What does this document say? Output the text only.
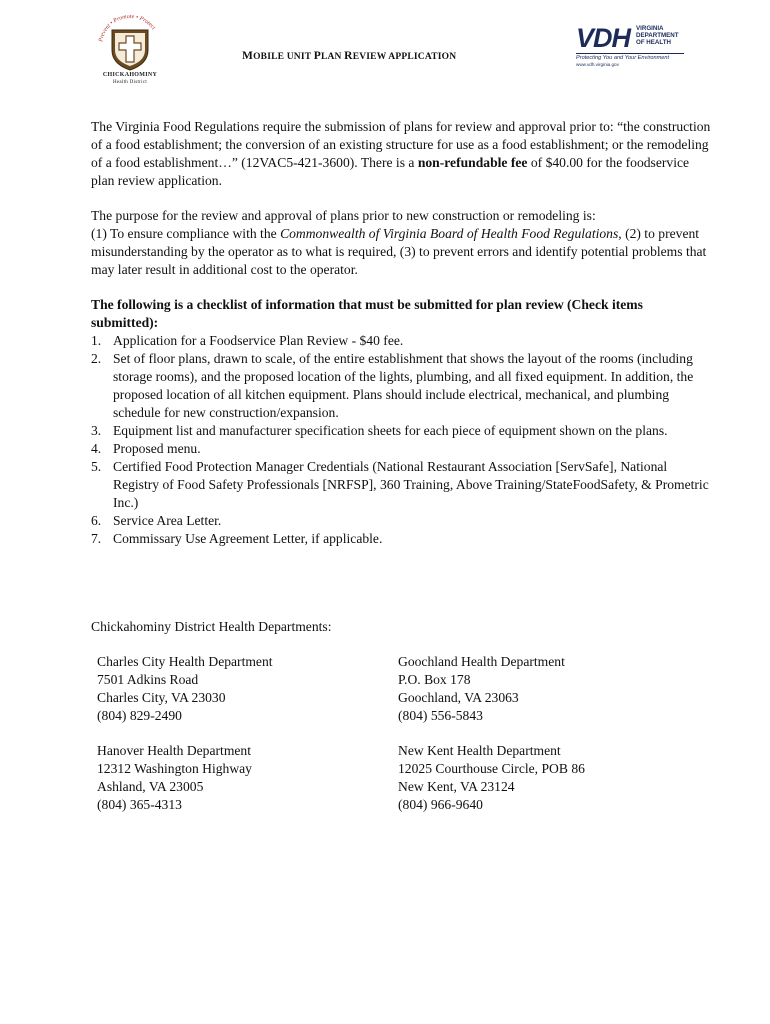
Prevent • Promote • Protect
CHICKAHOMINY
Health District
MOBILE UNIT PLAN REVIEW APPLICATION
VDH VIRGINIA
DEPARTMENT
OF HEALTH
Protecting You and Your Environment
www.vdh.virginia.gov
The Virginia Food Regulations require the submission of plans for review and approval prior to: “the construction of a food establishment; the conversion of an existing structure for use as a food establishment; or the remodeling of a food establishment…” (12VAC5-421-3600). There is a non-refundable fee of $40.00 for the foodservice plan review application.
The purpose for the review and approval of plans prior to new construction or remodeling is:
(1) To ensure compliance with the Commonwealth of Virginia Board of Health Food Regulations, (2) to prevent misunderstanding by the operator as to what is required, (3) to prevent errors and identify potential problems that may later result in additional cost to the operator.
The following is a checklist of information that must be submitted for plan review (Check items submitted):
1. Application for a Foodservice Plan Review - $40 fee.
2. Set of floor plans, drawn to scale, of the entire establishment that shows the layout of the rooms (including storage rooms), and the proposed location of the lights, plumbing, and all fixed equipment. In addition, the proposed location of all kitchen equipment. Plans should include electrical, mechanical, and plumbing schedule for new construction/expansion.
3. Equipment list and manufacturer specification sheets for each piece of equipment shown on the plans.
4. Proposed menu.
5. Certified Food Protection Manager Credentials (National Restaurant Association [ServSafe], National Registry of Food Safety Professionals [NRFSP], 360 Training, Above Training/StateFoodSafety, & Prometric Inc.)
6. Service Area Letter.
7. Commissary Use Agreement Letter, if applicable.
Chickahominy District Health Departments:
Charles City Health Department
7501 Adkins Road
Charles City, VA 23030
(804) 829-2490
Goochland Health Department
P.O. Box 178
Goochland, VA 23063
(804) 556-5843
Hanover Health Department
12312 Washington Highway
Ashland, VA 23005
(804) 365-4313
New Kent Health Department
12025 Courthouse Circle, POB 86
New Kent, VA 23124
(804) 966-9640
